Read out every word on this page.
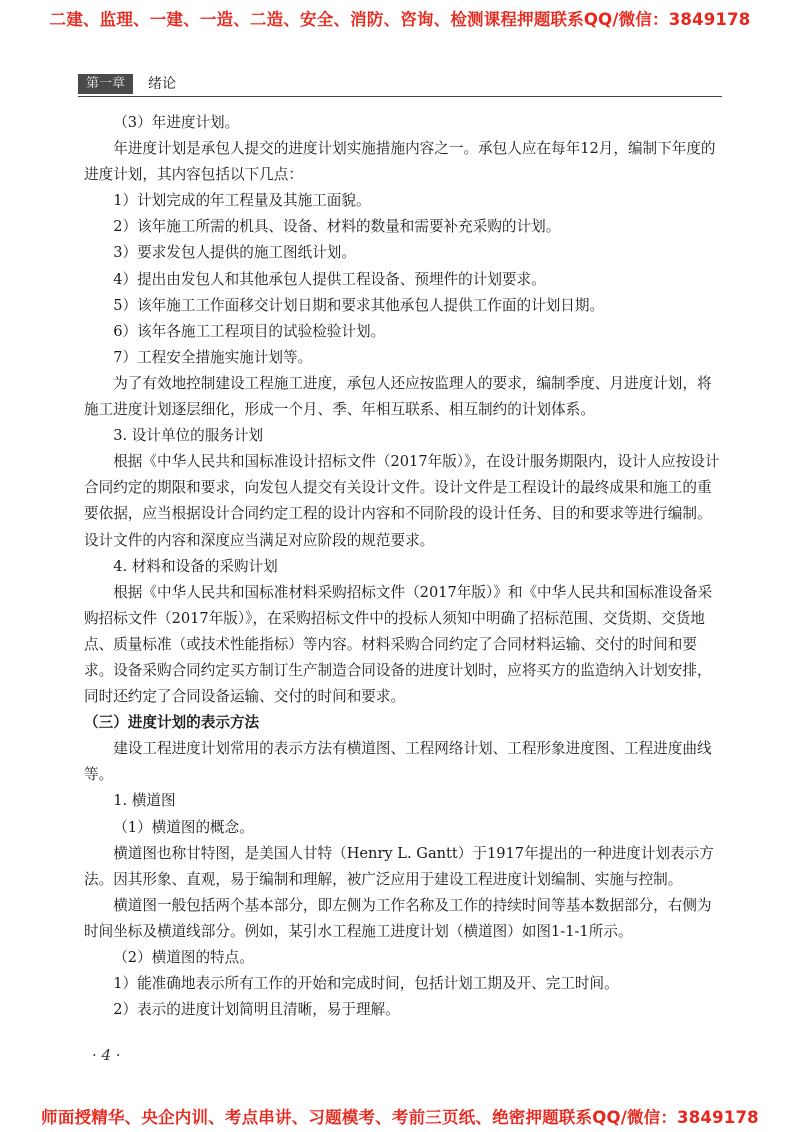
二建、监理、一建、一造、二造、安全、消防、咨询、检测课程押题联系QQ/微信：3849178
第一章	绪论

（3）年进度计划。

年进度计划是承包人提交的进度计划实施措施内容之一。承包人应在每年12月，编制下年度的进度计划，其内容包括以下几点：

1）计划完成的年工程量及其施工面貌。

2）该年施工所需的机具、设备、材料的数量和需要补充采购的计划。

3）要求发包人提供的施工图纸计划。

4）提出由发包人和其他承包人提供工程设备、预埋件的计划要求。

5）该年施工工作面移交计划日期和要求其他承包人提供工作面的计划日期。

6）该年各施工工程项目的试验检验计划。

7）工程安全措施实施计划等。

为了有效地控制建设工程施工进度，承包人还应按监理人的要求，编制季度、月进度计划，将施工进度计划逐层细化，形成一个月、季、年相互联系、相互制约的计划体系。

3. 设计单位的服务计划

根据《中华人民共和国标准设计招标文件（2017年版）》，在设计服务期限内，设计人应按设计合同约定的期限和要求，向发包人提交有关设计文件。设计文件是工程设计的最终成果和施工的重要依据，应当根据设计合同约定工程的设计内容和不同阶段的设计任务、目的和要求等进行编制。设计文件的内容和深度应当满足对应阶段的规范要求。

4. 材料和设备的采购计划

根据《中华人民共和国标准材料采购招标文件（2017年版）》和《中华人民共和国标准设备采购招标文件（2017年版）》，在采购招标文件中的投标人须知中明确了招标范围、交货期、交货地点、质量标准（或技术性能指标）等内容。材料采购合同约定了合同材料运输、交付的时间和要求。设备采购合同约定买方制订生产制造合同设备的进度计划时，应将买方的监造纳入计划安排，同时还约定了合同设备运输、交付的时间和要求。

（三）进度计划的表示方法

建设工程进度计划常用的表示方法有横道图、工程网络计划、工程形象进度图、工程进度曲线等。

1. 横道图

（1）横道图的概念。

横道图也称甘特图，是美国人甘特（Henry L. Gantt）于1917年提出的一种进度计划表示方法。因其形象、直观，易于编制和理解，被广泛应用于建设工程进度计划编制、实施与控制。

横道图一般包括两个基本部分，即左侧为工作名称及工作的持续时间等基本数据部分，右侧为时间坐标及横道线部分。例如，某引水工程施工进度计划（横道图）如图1-1-1所示。

（2）横道图的特点。

1）能准确地表示所有工作的开始和完成时间，包括计划工期及开、完工时间。

2）表示的进度计划简明且清晰，易于理解。

· 4 ·
师面授精华、央企内训、考点串讲、习题模考、考前三页纸、绝密押题联系QQ/微信：3849178
